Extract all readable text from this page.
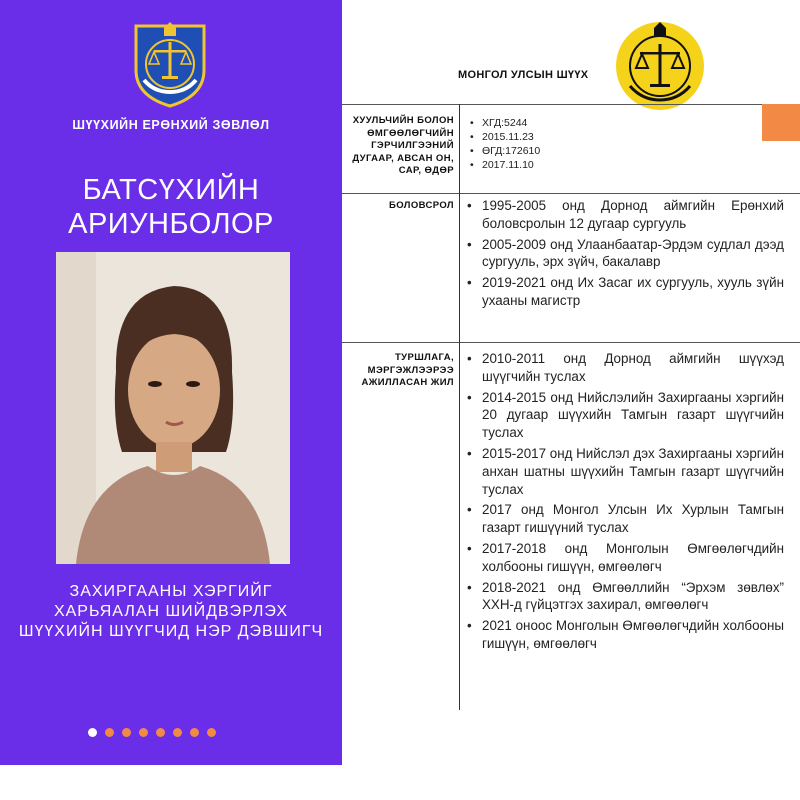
ШҮҮХИЙН ЕРӨНХИЙ ЗӨВЛӨЛ
БАТСҮХИЙН АРИУНБОЛОР
ЗАХИРГААНЫ ХЭРГИЙГ ХАРЬЯАЛАН ШИЙДВЭРЛЭХ ШҮҮХИЙН ШҮҮГЧИД НЭР ДЭВШИГЧ
МОНГОЛ УЛСЫН ШҮҮХ
ХУУЛЬЧИЙН БОЛОН ӨМГӨӨЛӨГЧИЙН ГЭРЧИЛГЭЭНИЙ ДУГААР, АВСАН ОН, САР, ӨДӨР
• ХГД:5244
• 2015.11.23
• ӨГД:172610
• 2017.11.10
БОЛОВСРОЛ
•	1995-2005 онд Дорнод аймгийн Ерөнхий боловсролын 12 дугаар сургууль
• 2005-2009 онд Улаанбаатар-Эрдэм судлал дээд сургууль, эрх зүйч, бакалавр
• 2019-2021 онд Их Засаг их сургууль, хууль зүйн ухааны магистр
ТУРШЛАГА, МЭРГЭЖЛЭЭРЭЭ АЖИЛЛАСАН ЖИЛ
• 2010-2011 онд Дорнод аймгийн шүүхэд шүүгчийн туслах
• 2014-2015 онд Нийслэлийн Захиргааны хэргийн 20 дугаар шүүхийн Тамгын газарт шүүгчийн туслах
• 2015-2017 онд Нийслэл дэх Захиргааны хэргийн анхан шатны шүүхийн Тамгын газарт шүүгчийн туслах
• 2017 онд Монгол Улсын Их Хурлын Тамгын газарт гишүүний туслах
• 2017-2018 онд Монголын Өмгөөлөгчдийн холбооны гишүүн, өмгөөлөгч
• 2018-2021 онд Өмгөөллийн “Эрхэм зөвлөх” ХХН-д гүйцэтгэх захирал, өмгөөлөгч
• 2021 оноос Монголын Өмгөөлөгчдийн холбооны гишүүн, өмгөөлөгч
